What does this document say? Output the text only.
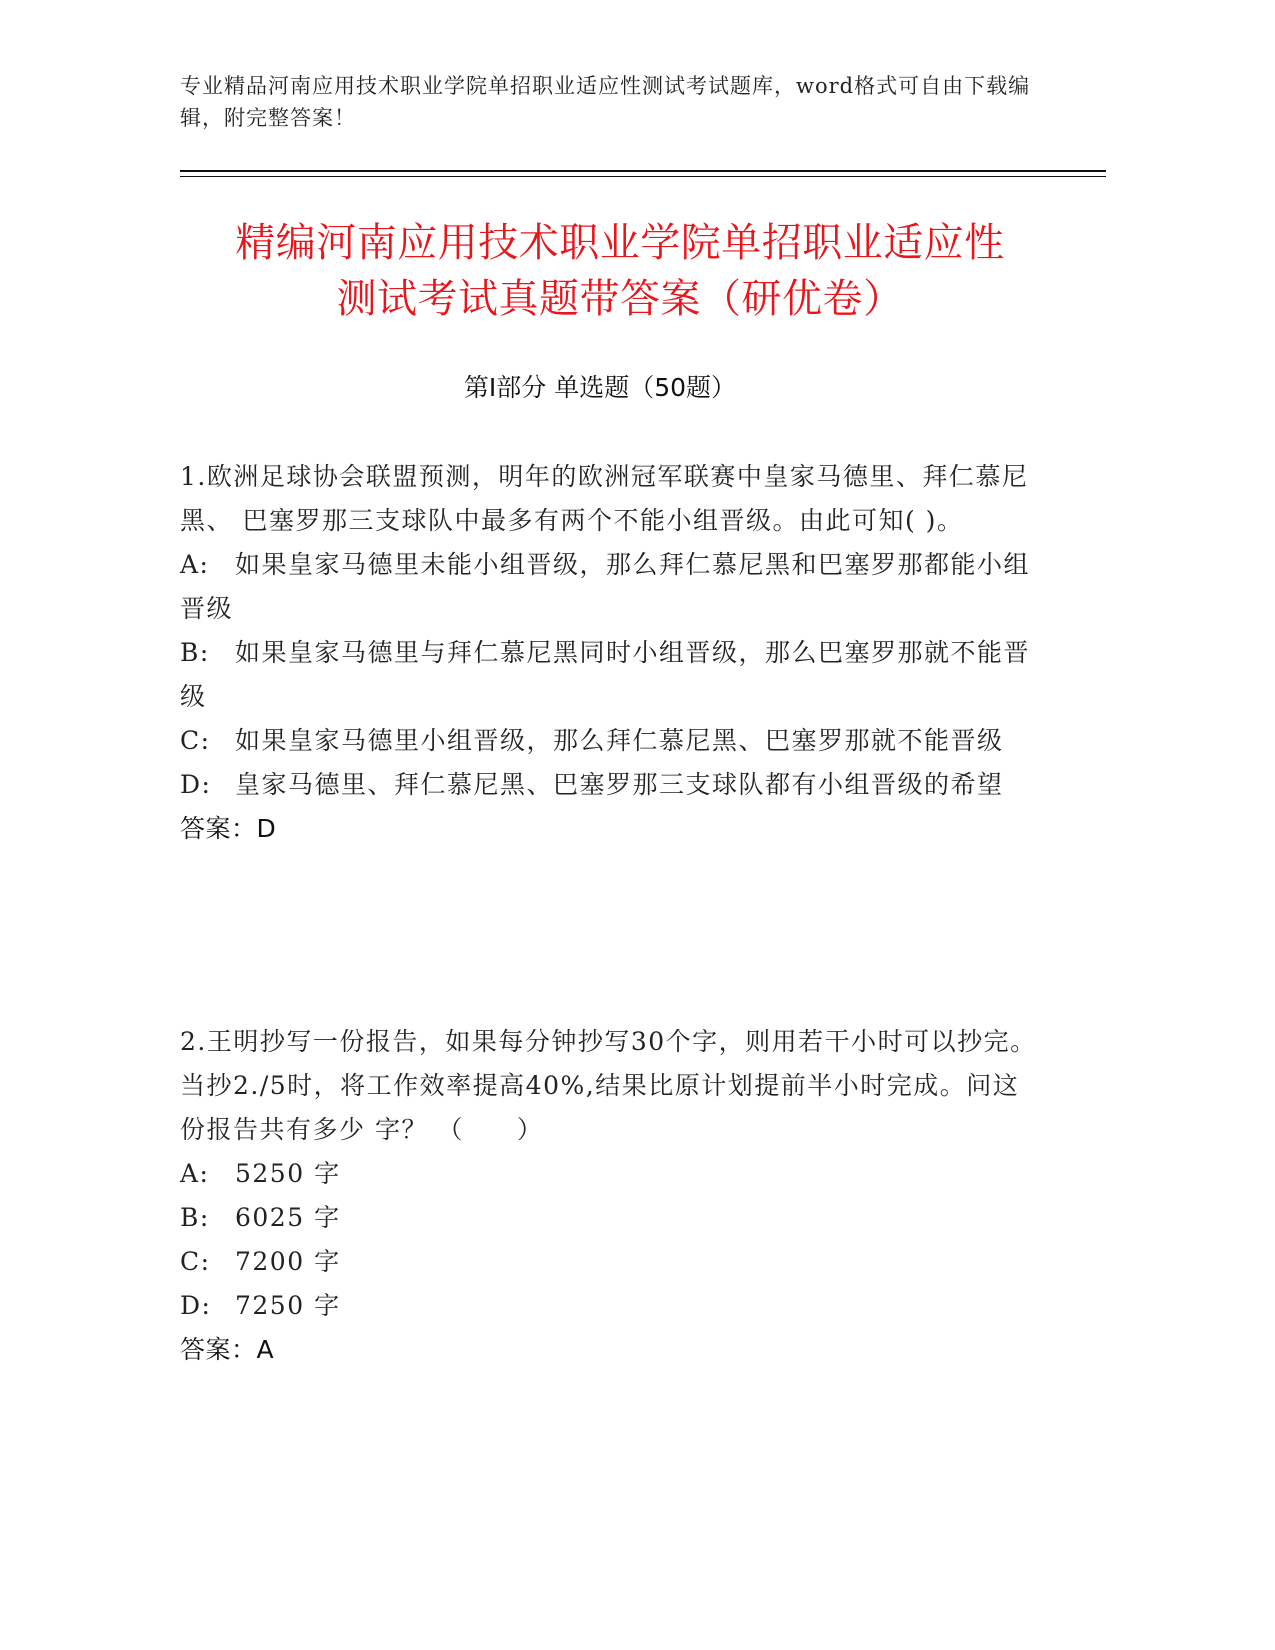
专业精品河南应用技术职业学院单招职业适应性测试考试题库，word格式可自由下载编辑，附完整答案！
精编河南应用技术职业学院单招职业适应性
测试考试真题带答案（研优卷）
第Ⅰ部分 单选题（50题）
1.欧洲足球协会联盟预测，明年的欧洲冠军联赛中皇家马德里、拜仁慕尼黑、 巴塞罗那三支球队中最多有两个不能小组晋级。由此可知( )。
A: 如果皇家马德里未能小组晋级，那么拜仁慕尼黑和巴塞罗那都能小组晋级
B: 如果皇家马德里与拜仁慕尼黑同时小组晋级，那么巴塞罗那就不能晋级
C: 如果皇家马德里小组晋级，那么拜仁慕尼黑、巴塞罗那就不能晋级
D: 皇家马德里、拜仁慕尼黑、巴塞罗那三支球队都有小组晋级的希望
答案：D
2.王明抄写一份报告，如果每分钟抄写30个字，则用若干小时可以抄完。当抄2./5时，将工作效率提高40%,结果比原计划提前半小时完成。问这份报告共有多少 字？ （　　）
A: 5250 字
B: 6025 字
C: 7200 字
D: 7250 字
答案：A
